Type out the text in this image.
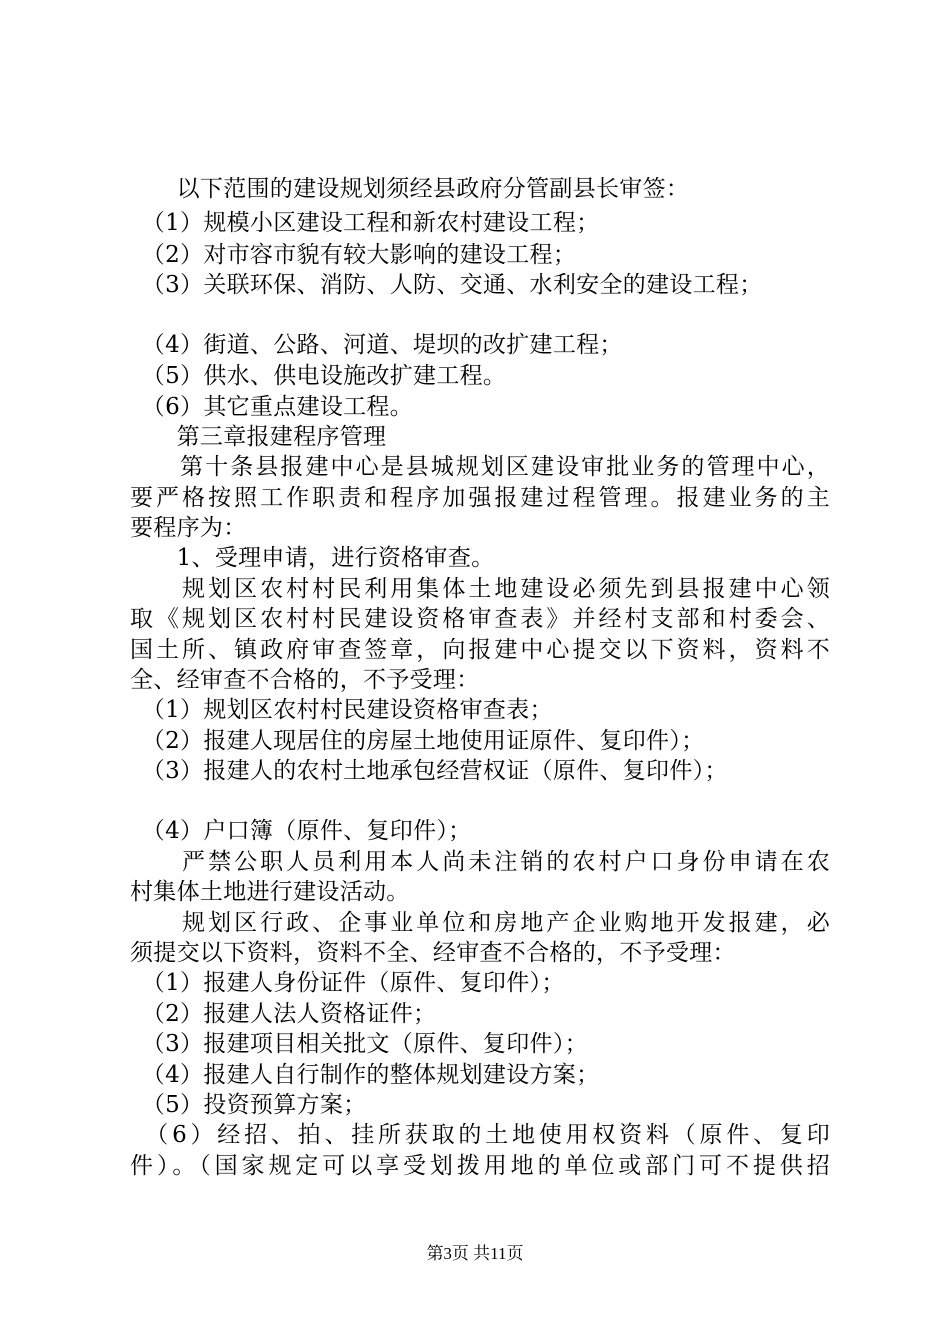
　　以下范围的建设规划须经县政府分管副县长审签：
　（1）规模小区建设工程和新农村建设工程；
　（2）对市容市貌有较大影响的建设工程；
　（3）关联环保、消防、人防、交通、水利安全的建设工程；
　（4）街道、公路、河道、堤坝的改扩建工程；
　（5）供水、供电设施改扩建工程。
　（6）其它重点建设工程。
　　第三章报建程序管理
　　第十条县报建中心是县城规划区建设审批业务的管理中心，
要严格按照工作职责和程序加强报建过程管理。报建业务的主
要程序为：
　　1、受理申请，进行资格审查。
　　规划区农村村民利用集体土地建设必须先到县报建中心领
取《规划区农村村民建设资格审查表》并经村支部和村委会、
国土所、镇政府审查签章，向报建中心提交以下资料，资料不
全、经审查不合格的，不予受理：
　（1）规划区农村村民建设资格审查表；
　（2）报建人现居住的房屋土地使用证原件、复印件）；
　（3）报建人的农村土地承包经营权证（原件、复印件）；
　（4）户口簿（原件、复印件）；
　　严禁公职人员利用本人尚未注销的农村户口身份申请在农
村集体土地进行建设活动。
　　规划区行政、企事业单位和房地产企业购地开发报建，必
须提交以下资料，资料不全、经审查不合格的，不予受理：
　（1）报建人身份证件（原件、复印件）；
　（2）报建人法人资格证件；
　（3）报建项目相关批文（原件、复印件）；
　（4）报建人自行制作的整体规划建设方案；
　（5）投资预算方案；
　（6）经招、拍、挂所获取的土地使用权资料（原件、复印
件）。（国家规定可以享受划拨用地的单位或部门可不提供招
第3页 共11页
